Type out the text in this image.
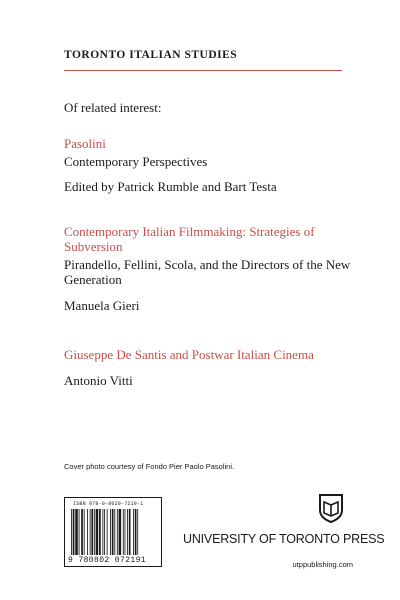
TORONTO ITALIAN STUDIES
Of related interest:
Pasolini
Contemporary Perspectives
Edited by Patrick Rumble and Bart Testa
Contemporary Italian Filmmaking: Strategies of Subversion
Pirandello, Fellini, Scola, and the Directors of the New Generation
Manuela Gieri
Giuseppe De Santis and Postwar Italian Cinema
Antonio Vitti
Cover photo courtesy of Fondo Pier Paolo Pasolini.
ISBN 978-0-8020-7219-1
9 780802 072191
UNIVERSITY OF TORONTO PRESS
utppublishing.com
